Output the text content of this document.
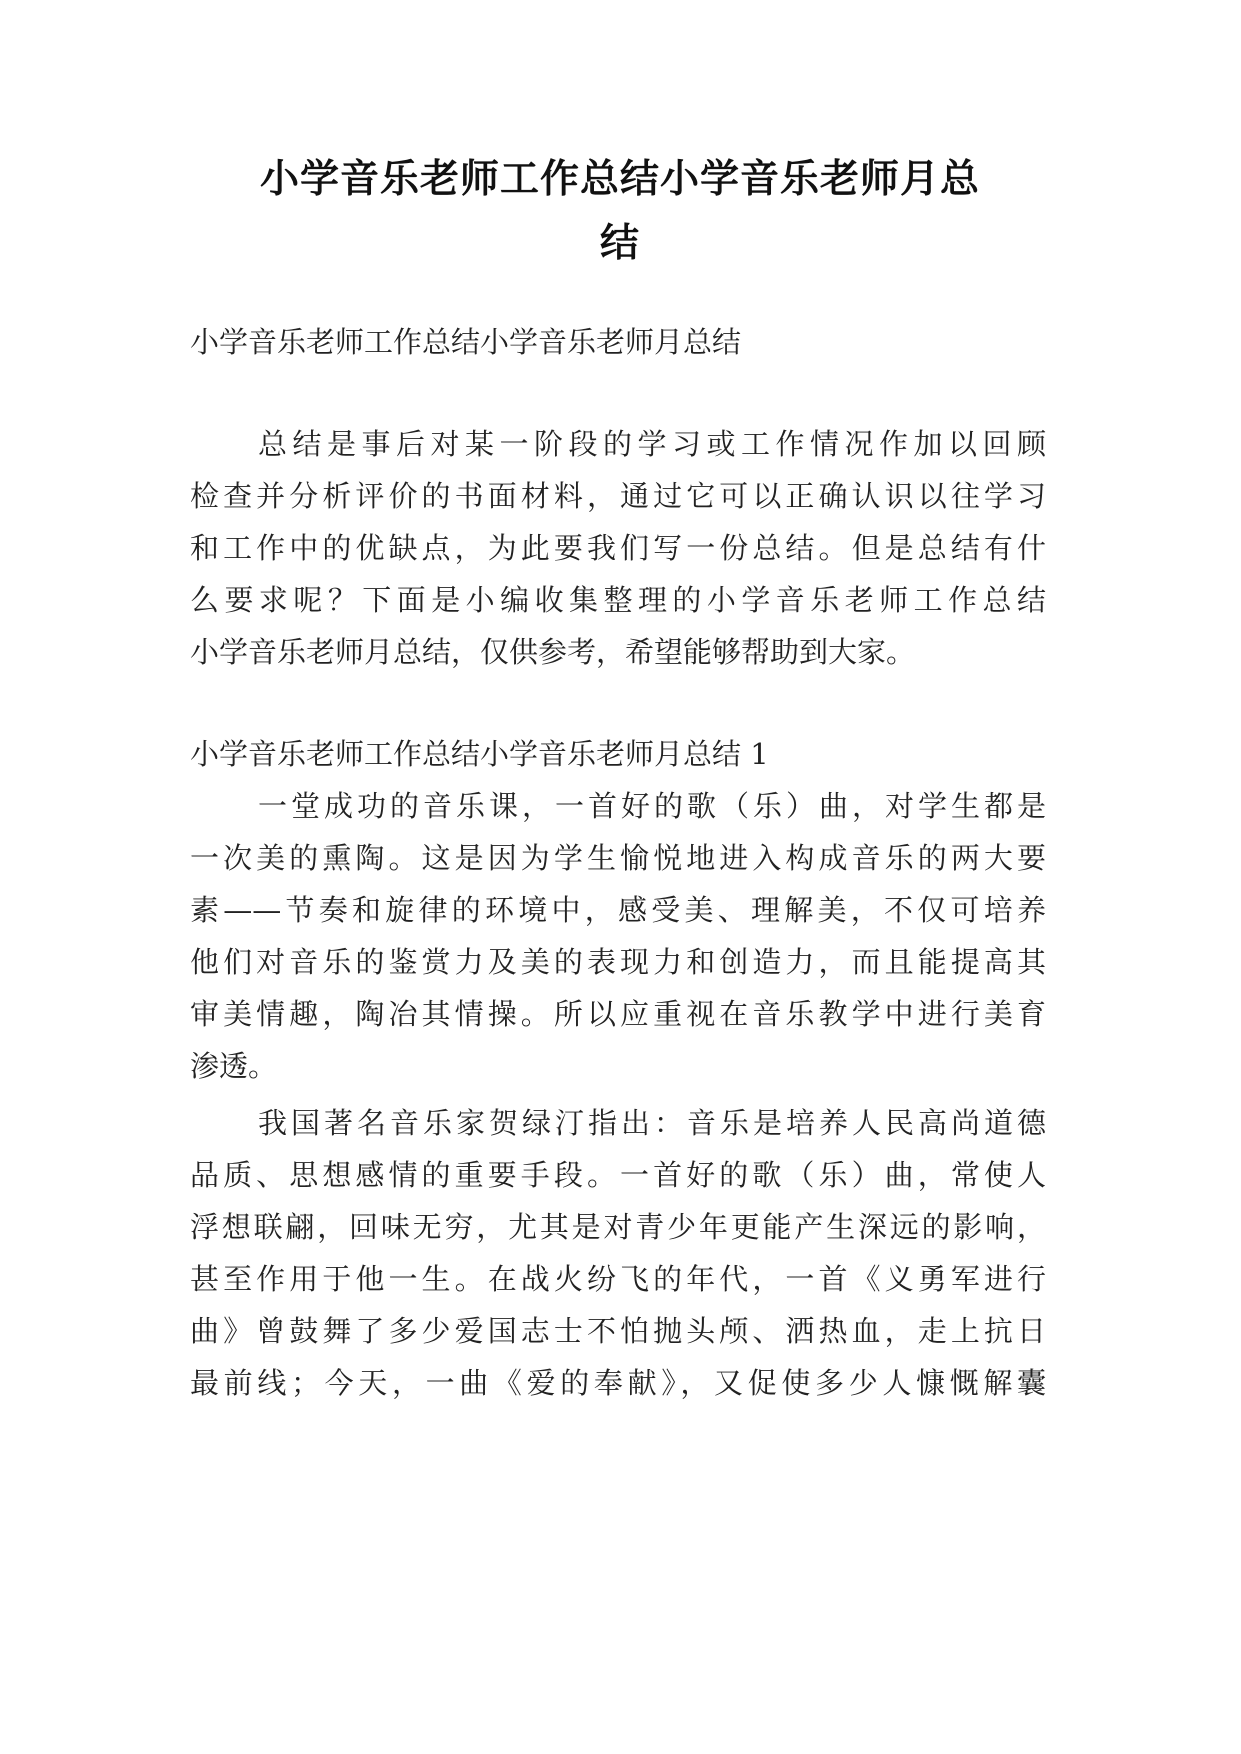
小学音乐老师工作总结小学音乐老师月总
结

小学音乐老师工作总结小学音乐老师月总结

总结是事后对某一阶段的学习或工作情况作加以回顾

检查并分析评价的书面材料，通过它可以正确认识以往学习

和工作中的优缺点，为此要我们写一份总结。但是总结有什

么要求呢？下面是小编收集整理的小学音乐老师工作总结

小学音乐老师月总结，仅供参考，希望能够帮助到大家。

小学音乐老师工作总结小学音乐老师月总结 1

一堂成功的音乐课，一首好的歌（乐）曲，对学生都是

一次美的熏陶。这是因为学生愉悦地进入构成音乐的两大要

素——节奏和旋律的环境中，感受美、理解美，不仅可培养

他们对音乐的鉴赏力及美的表现力和创造力，而且能提高其

审美情趣，陶冶其情操。所以应重视在音乐教学中进行美育

渗透。

我国著名音乐家贺绿汀指出：音乐是培养人民高尚道德

品质、思想感情的重要手段。一首好的歌（乐）曲，常使人

浮想联翩，回味无穷，尤其是对青少年更能产生深远的影响，

甚至作用于他一生。在战火纷飞的年代，一首《义勇军进行

曲》曾鼓舞了多少爱国志士不怕抛头颅、洒热血，走上抗日

最前线；今天，一曲《爱的奉献》，又促使多少人慷慨解囊
